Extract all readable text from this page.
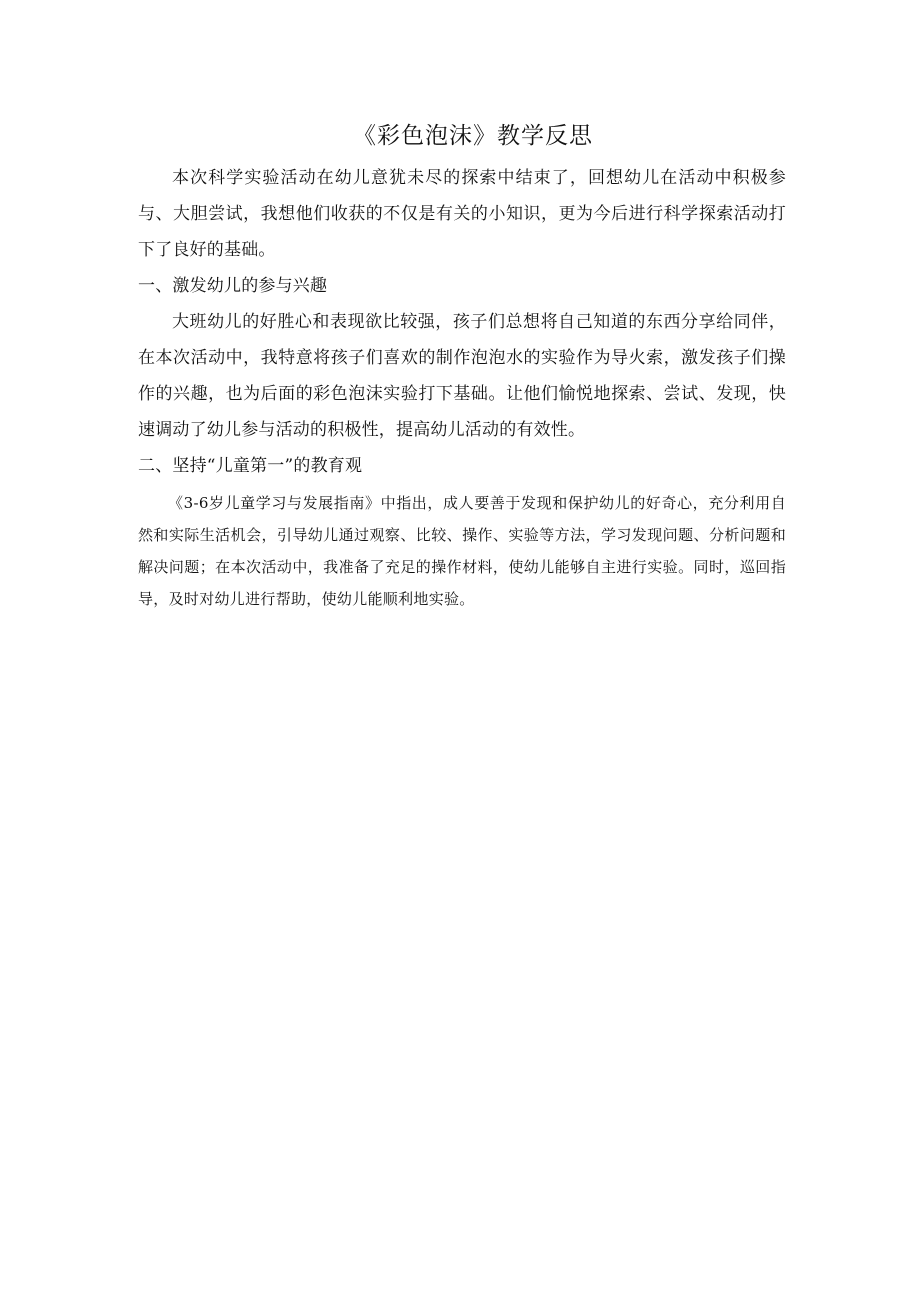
《彩色泡沫》教学反思

本次科学实验活动在幼儿意犹未尽的探索中结束了，回想幼儿在活动中积极参与、大胆尝试，我想他们收获的不仅是有关的小知识，更为今后进行科学探索活动打下了良好的基础。

一、激发幼儿的参与兴趣

大班幼儿的好胜心和表现欲比较强，孩子们总想将自己知道的东西分享给同伴，在本次活动中，我特意将孩子们喜欢的制作泡泡水的实验作为导火索，激发孩子们操作的兴趣，也为后面的彩色泡沫实验打下基础。让他们愉悦地探索、尝试、发现，快速调动了幼儿参与活动的积极性，提高幼儿活动的有效性。

二、坚持“儿童第一”的教育观

《3-6岁儿童学习与发展指南》中指出，成人要善于发现和保护幼儿的好奇心，充分利用自然和实际生活机会，引导幼儿通过观察、比较、操作、实验等方法，学习发现问题、分析问题和解决问题；在本次活动中，我准备了充足的操作材料，使幼儿能够自主进行实验。同时，巡回指导，及时对幼儿进行帮助，使幼儿能顺利地实验。
